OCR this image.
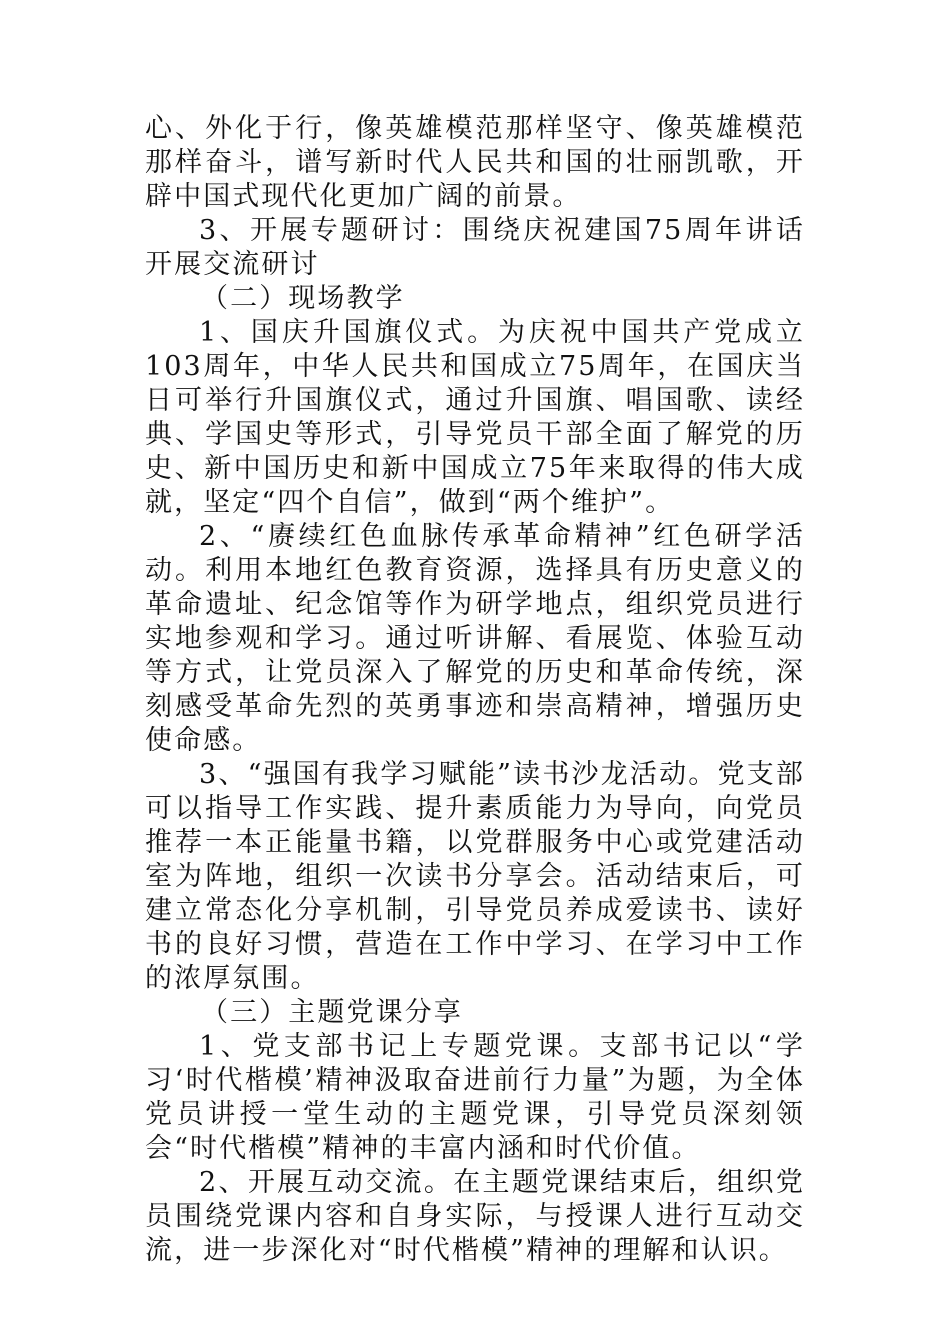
心、外化于行，像英雄模范那样坚守、像英雄模范那样奋斗，谱写新时代人民共和国的壮丽凯歌，开辟中国式现代化更加广阔的前景。

3、开展专题研讨：围绕庆祝建国75周年讲话开展交流研讨

（二）现场教学

1、国庆升国旗仪式。为庆祝中国共产党成立103周年，中华人民共和国成立75周年，在国庆当日可举行升国旗仪式，通过升国旗、唱国歌、读经典、学国史等形式，引导党员干部全面了解党的历史、新中国历史和新中国成立75年来取得的伟大成就，坚定“四个自信”，做到“两个维护”。

2、“赓续红色血脉传承革命精神”红色研学活动。利用本地红色教育资源，选择具有历史意义的革命遗址、纪念馆等作为研学地点，组织党员进行实地参观和学习。通过听讲解、看展览、体验互动等方式，让党员深入了解党的历史和革命传统，深刻感受革命先烈的英勇事迹和崇高精神，增强历史使命感。

3、“强国有我学习赋能”读书沙龙活动。党支部可以指导工作实践、提升素质能力为导向，向党员推荐一本正能量书籍，以党群服务中心或党建活动室为阵地，组织一次读书分享会。活动结束后，可建立常态化分享机制，引导党员养成爱读书、读好书的良好习惯，营造在工作中学习、在学习中工作的浓厚氛围。

（三）主题党课分享

1、党支部书记上专题党课。支部书记以“学习‘时代楷模’精神汲取奋进前行力量”为题，为全体党员讲授一堂生动的主题党课，引导党员深刻领会“时代楷模”精神的丰富内涵和时代价值。

2、开展互动交流。在主题党课结束后，组织党员围绕党课内容和自身实际，与授课人进行互动交流，进一步深化对“时代楷模”精神的理解和认识。
